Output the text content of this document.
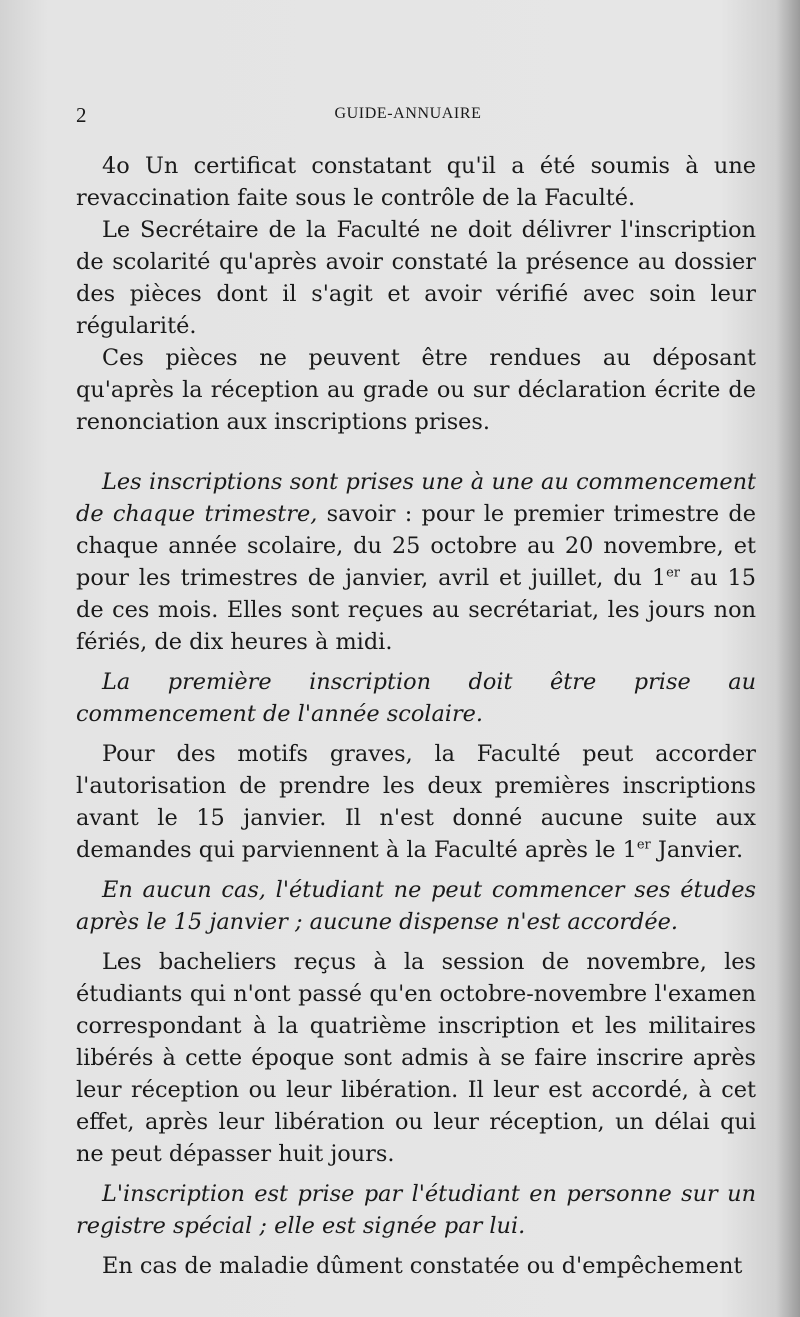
2	GUIDE-ANNUAIRE

4o Un certificat constatant qu'il a été soumis à une revaccination faite sous le contrôle de la Faculté.

Le Secrétaire de la Faculté ne doit délivrer l'inscription de scolarité qu'après avoir constaté la présence au dossier des pièces dont il s'agit et avoir vérifié avec soin leur régularité.

Ces pièces ne peuvent être rendues au déposant qu'après la réception au grade ou sur déclaration écrite de renonciation aux inscriptions prises.

Les inscriptions sont prises une à une au commencement de chaque trimestre, savoir : pour le premier trimestre de chaque année scolaire, du 25 octobre au 20 novembre, et pour les trimestres de janvier, avril et juillet, du 1er au 15 de ces mois. Elles sont reçues au secrétariat, les jours non fériés, de dix heures à midi.

La première inscription doit être prise au commencement de l'année scolaire.

Pour des motifs graves, la Faculté peut accorder l'autorisation de prendre les deux premières inscriptions avant le 15 janvier. Il n'est donné aucune suite aux demandes qui parviennent à la Faculté après le 1er Janvier.

En aucun cas, l'étudiant ne peut commencer ses études après le 15 janvier ; aucune dispense n'est accordée.

Les bacheliers reçus à la session de novembre, les étudiants qui n'ont passé qu'en octobre-novembre l'examen correspondant à la quatrième inscription et les militaires libérés à cette époque sont admis à se faire inscrire après leur réception ou leur libération. Il leur est accordé, à cet effet, après leur libération ou leur réception, un délai qui ne peut dépasser huit jours.

L'inscription est prise par l'étudiant en personne sur un registre spécial ; elle est signée par lui.

En cas de maladie dûment constatée ou d'empêchement
